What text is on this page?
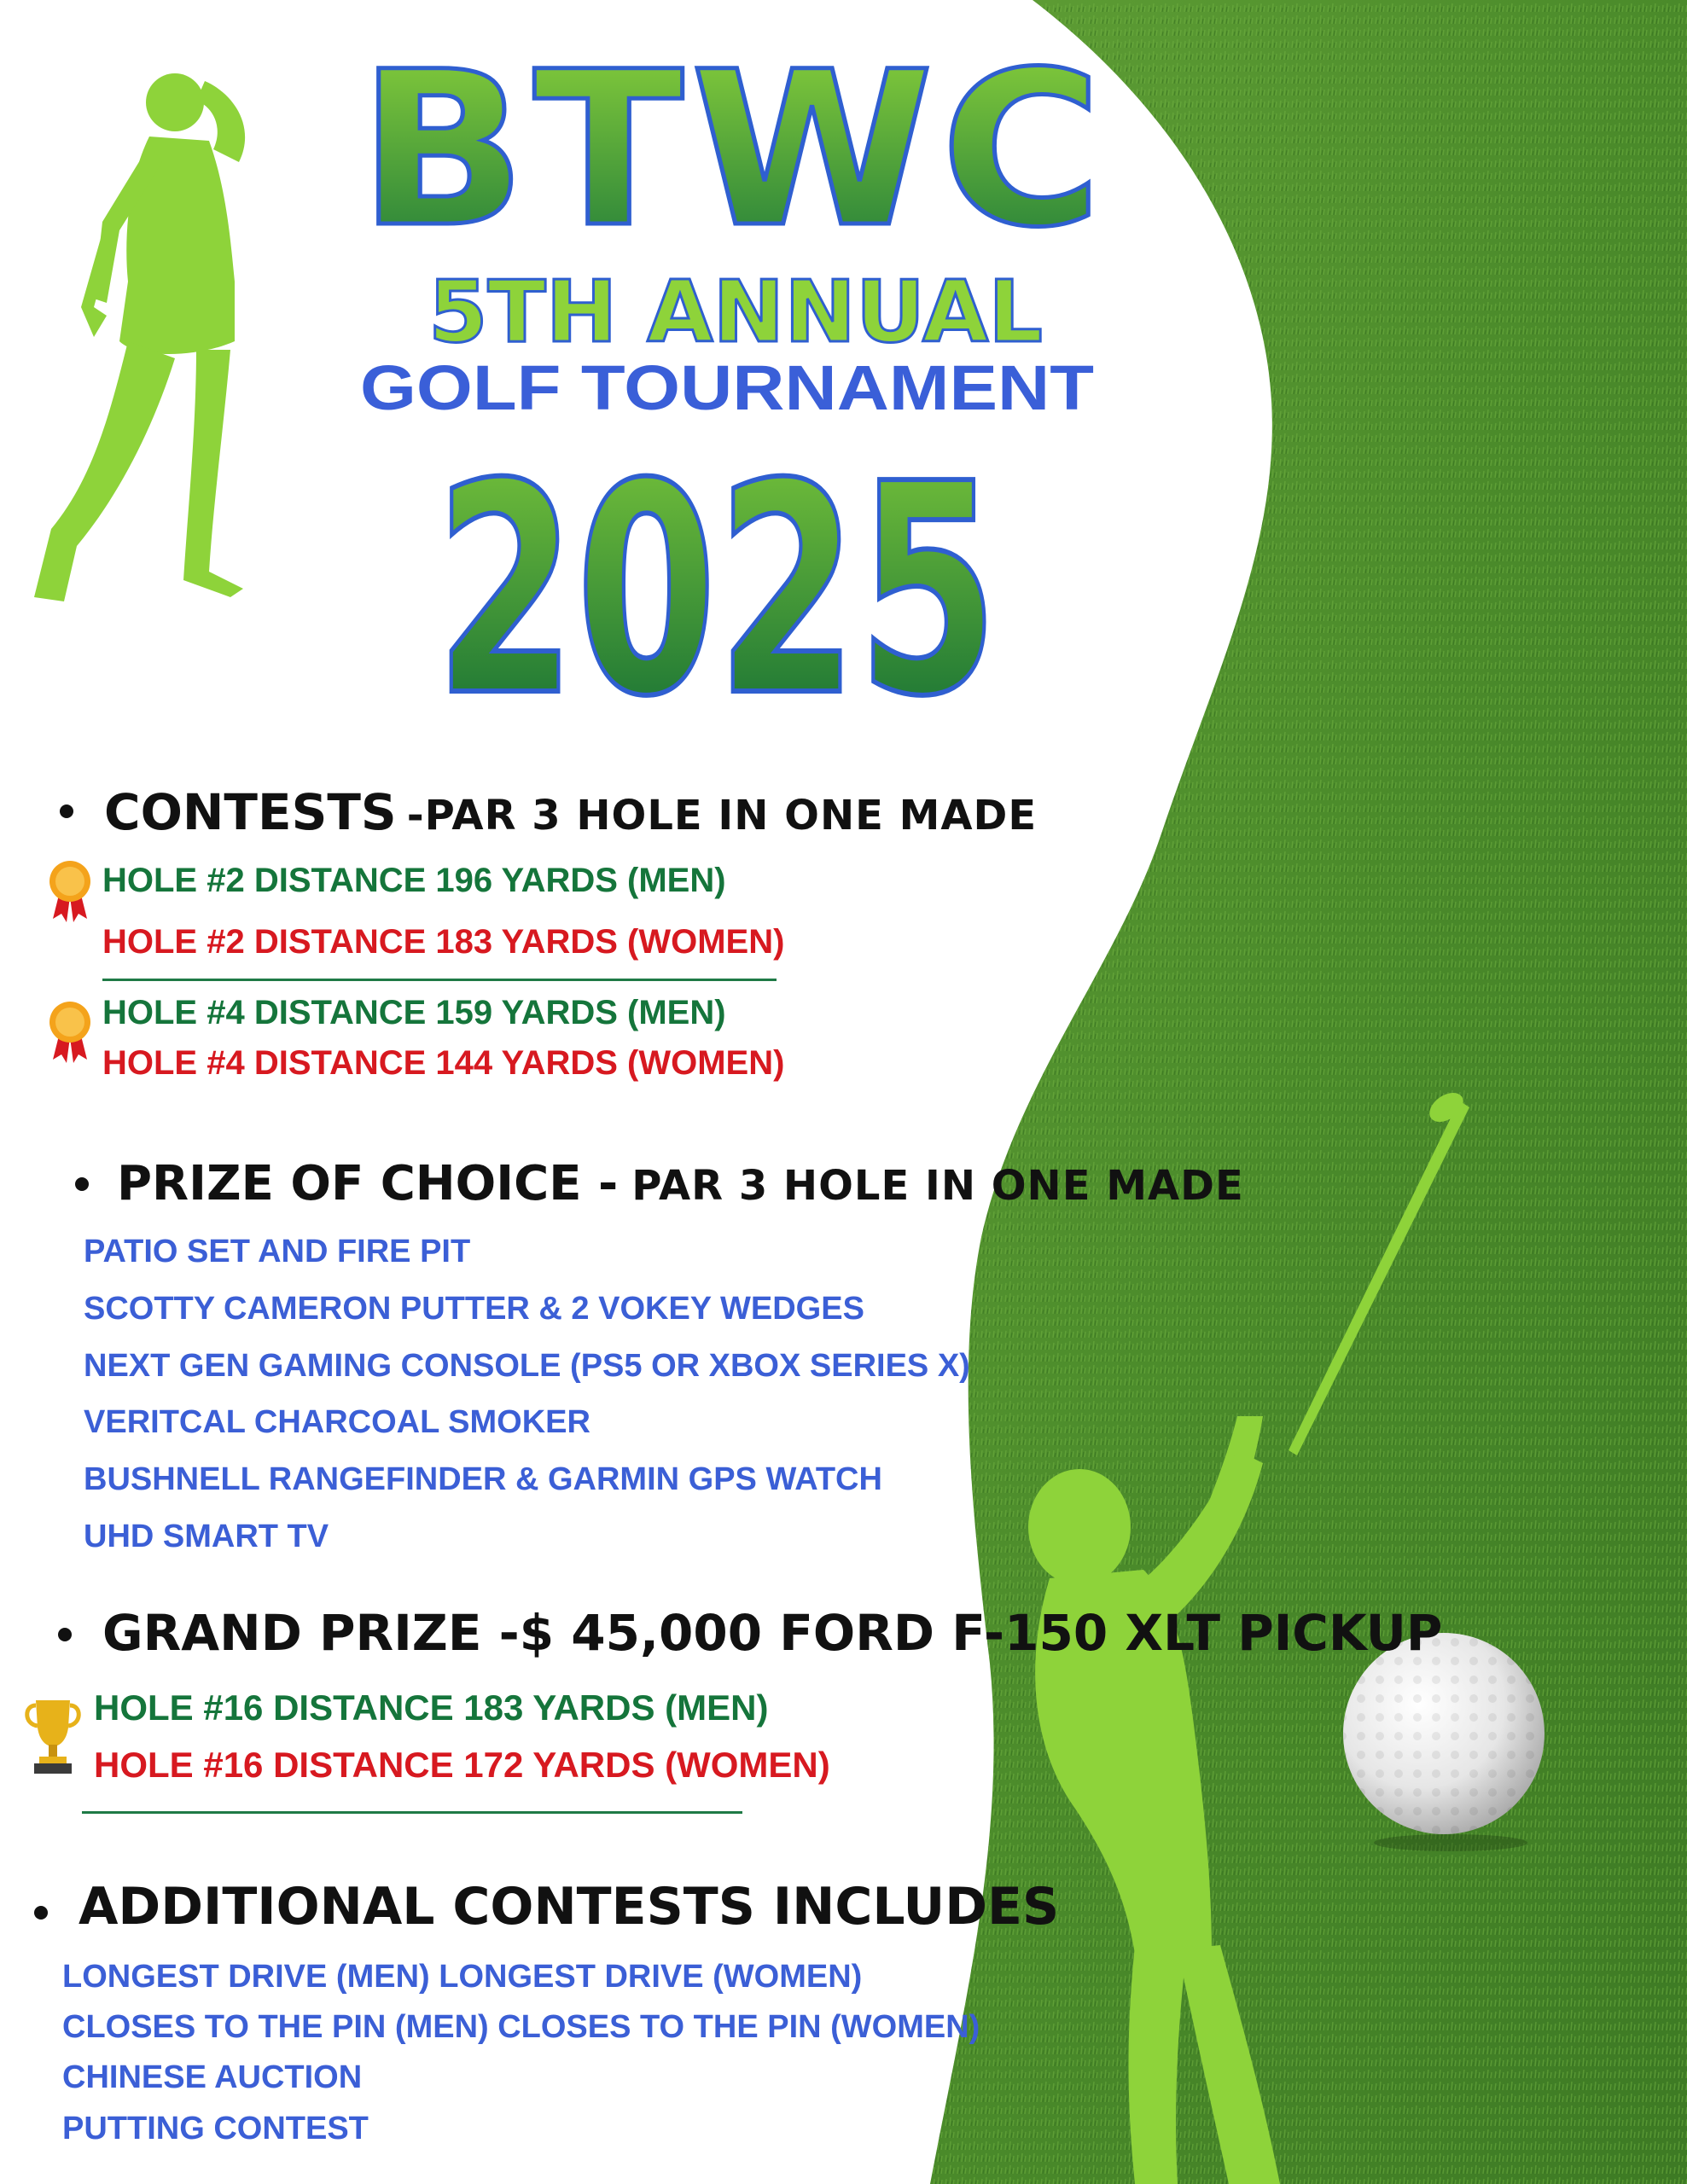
BTWC
5TH ANNUAL
GOLF TOURNAMENT
2025
CONTESTS -PAR 3 HOLE IN ONE MADE
HOLE #2 DISTANCE 196 YARDS (MEN)
HOLE #2 DISTANCE 183 YARDS (WOMEN)
HOLE #4 DISTANCE 159 YARDS (MEN)
HOLE #4 DISTANCE 144 YARDS (WOMEN)
PRIZE OF CHOICE - PAR 3 HOLE IN ONE MADE
PATIO SET AND FIRE PIT
SCOTTY CAMERON PUTTER & 2 VOKEY WEDGES
NEXT GEN GAMING CONSOLE (PS5 OR XBOX SERIES X)
VERITCAL CHARCOAL SMOKER
BUSHNELL RANGEFINDER & GARMIN GPS WATCH
UHD SMART TV
GRAND PRIZE -$ 45,000 FORD F-150 XLT PICKUP
HOLE #16 DISTANCE 183 YARDS (MEN)
HOLE #16 DISTANCE 172 YARDS (WOMEN)
ADDITIONAL CONTESTS INCLUDES
LONGEST DRIVE (MEN) LONGEST DRIVE (WOMEN)
CLOSES TO THE PIN (MEN) CLOSES TO THE PIN (WOMEN)
CHINESE AUCTION
PUTTING CONTEST
